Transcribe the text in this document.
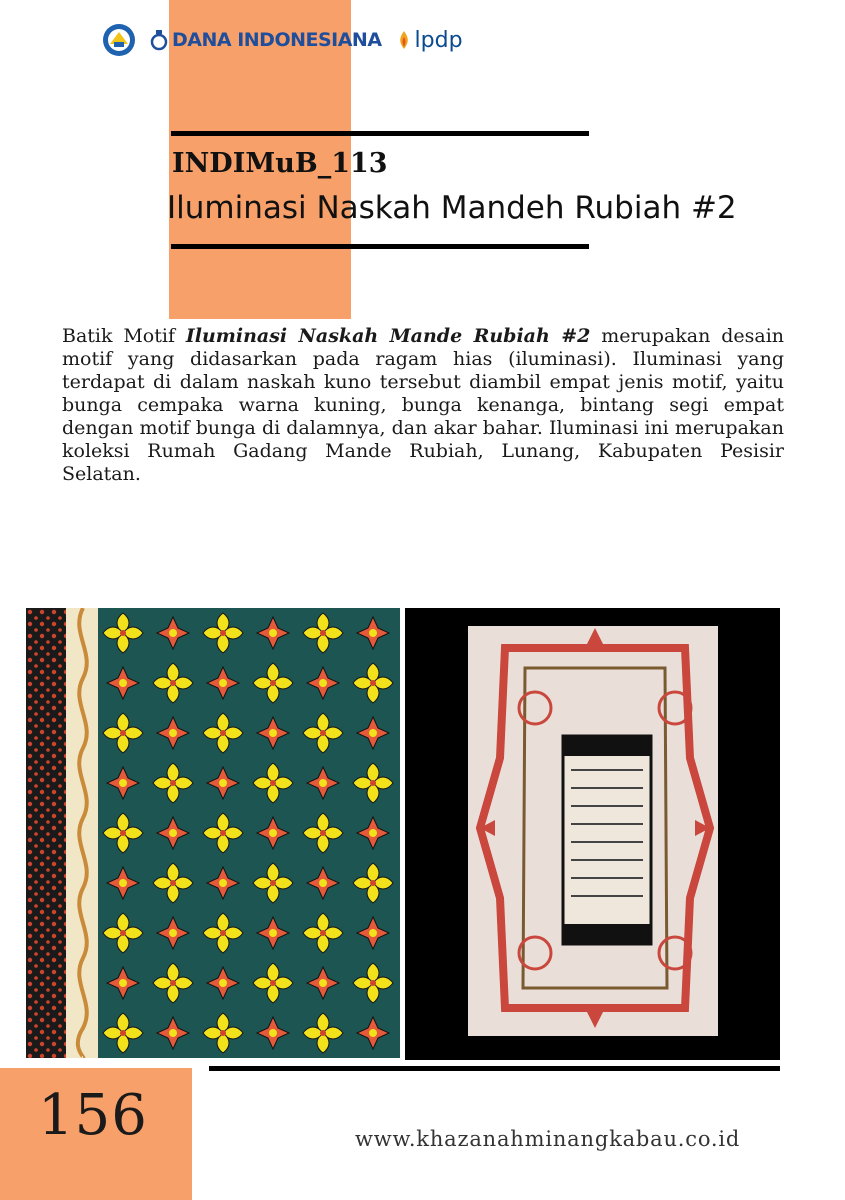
DANA INDONESIANA lpdp
INDIMuB_113
Iluminasi Naskah Mandeh Rubiah #2

Batik Motif Iluminasi Naskah Mande Rubiah #2 merupakan desain motif yang didasarkan pada ragam hias (iluminasi). Iluminasi yang terdapat di dalam naskah kuno tersebut diambil empat jenis motif, yaitu bunga cempaka warna kuning, bunga kenanga, bintang segi empat dengan motif bunga di dalamnya, dan akar bahar. Iluminasi ini merupakan koleksi Rumah Gadang Mande Rubiah, Lunang, Kabupaten Pesisir Selatan.

156	www.khazanahminangkabau.co.id
